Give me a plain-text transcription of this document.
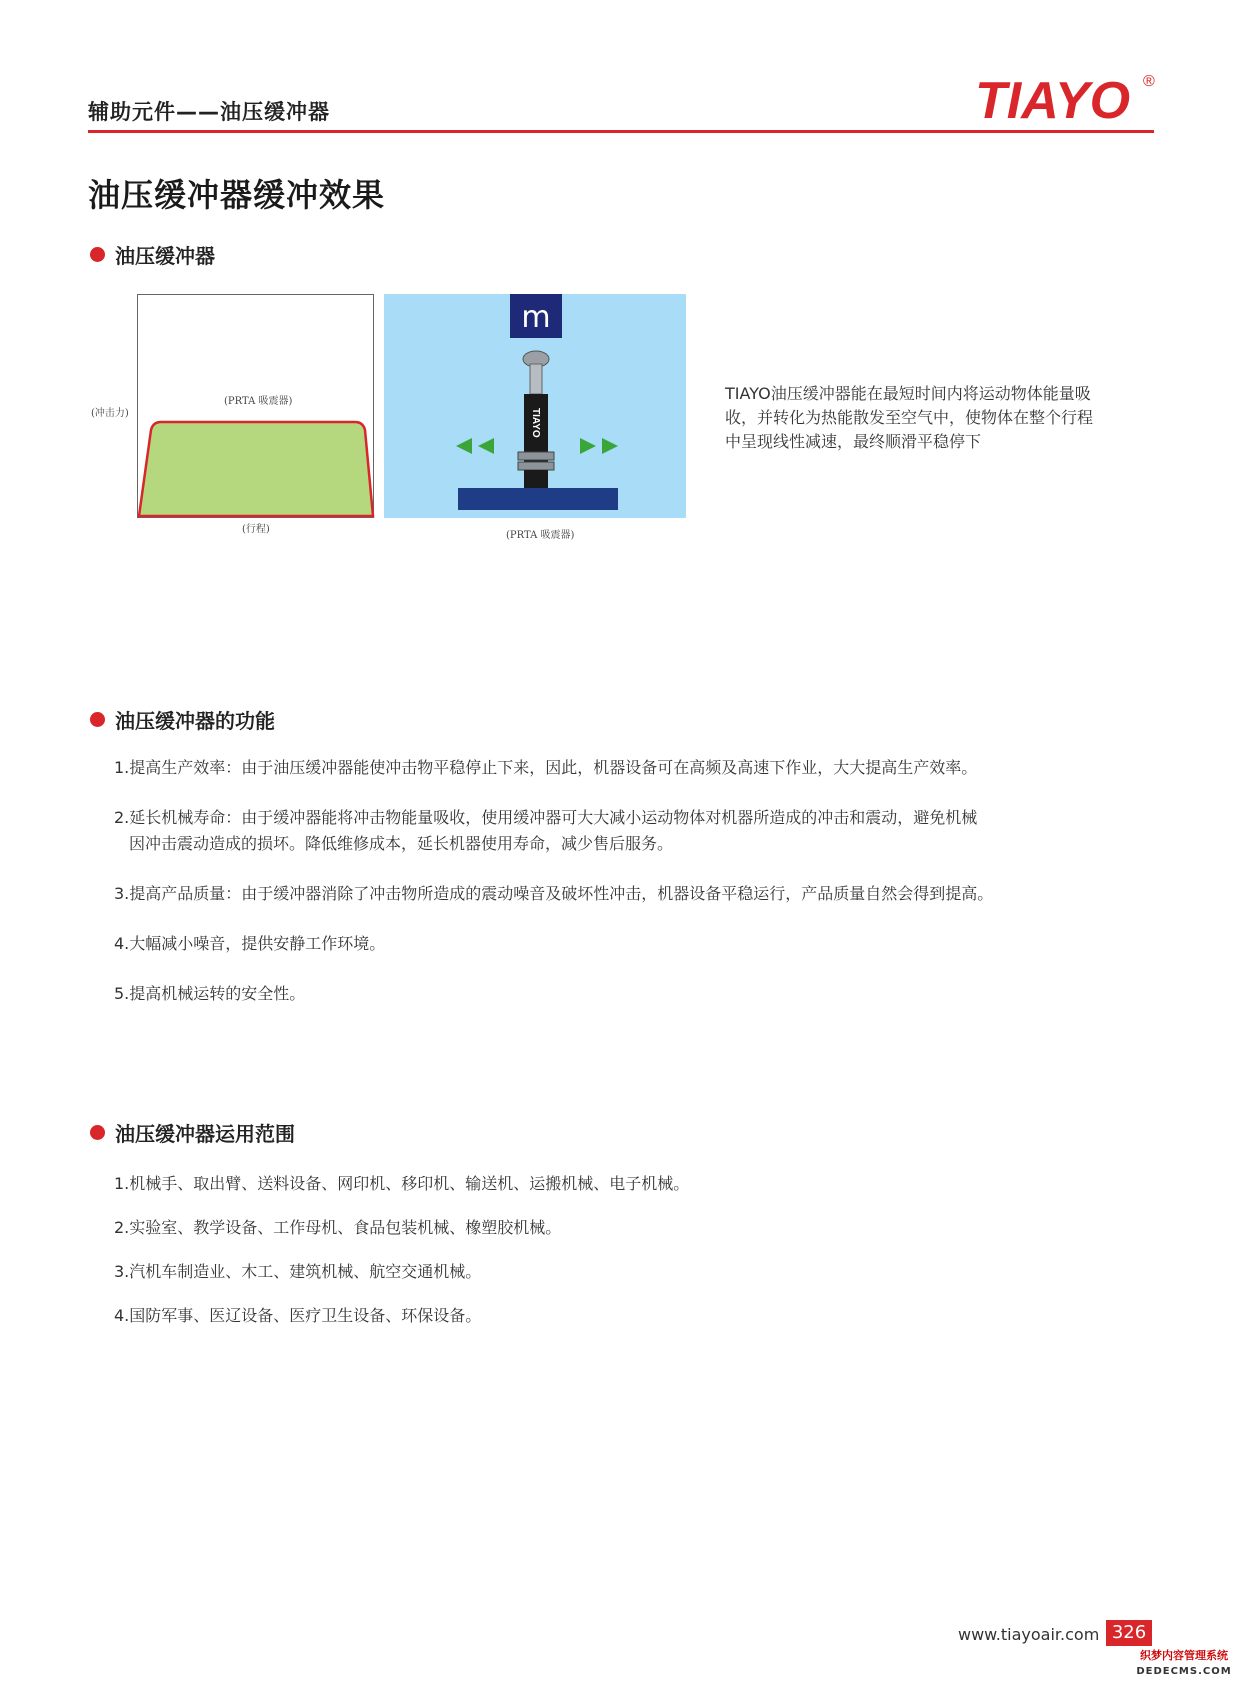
辅助元件——油压缓冲器	TIAYO ®
油压缓冲器缓冲效果
油压缓冲器
(冲击力)
(PRTA 吸震器)
(行程)
m
TIAYO
(PRTA 吸震器)
TIAYO油压缓冲器能在最短时间内将运动物体能量吸收，并转化为热能散发至空气中，使物体在整个行程中呈现线性减速，最终顺滑平稳停下
油压缓冲器的功能
1.提高生产效率：由于油压缓冲器能使冲击物平稳停止下来，因此，机器设备可在高频及高速下作业，大大提高生产效率。
2.延长机械寿命：由于缓冲器能将冲击物能量吸收，使用缓冲器可大大减小运动物体对机器所造成的冲击和震动，避免机械
因冲击震动造成的损坏。降低维修成本，延长机器使用寿命，减少售后服务。
3.提高产品质量：由于缓冲器消除了冲击物所造成的震动噪音及破坏性冲击，机器设备平稳运行，产品质量自然会得到提高。
4.大幅减小噪音，提供安静工作环境。
5.提高机械运转的安全性。
油压缓冲器运用范围
1.机械手、取出臂、送料设备、网印机、移印机、输送机、运搬机械、电子机械。
2.实验室、教学设备、工作母机、食品包装机械、橡塑胶机械。
3.汽机车制造业、木工、建筑机械、航空交通机械。
4.国防军事、医辽设备、医疗卫生设备、环保设备。
www.tiayoair.com 326
织梦内容管理系统
DEDECMS.COM
